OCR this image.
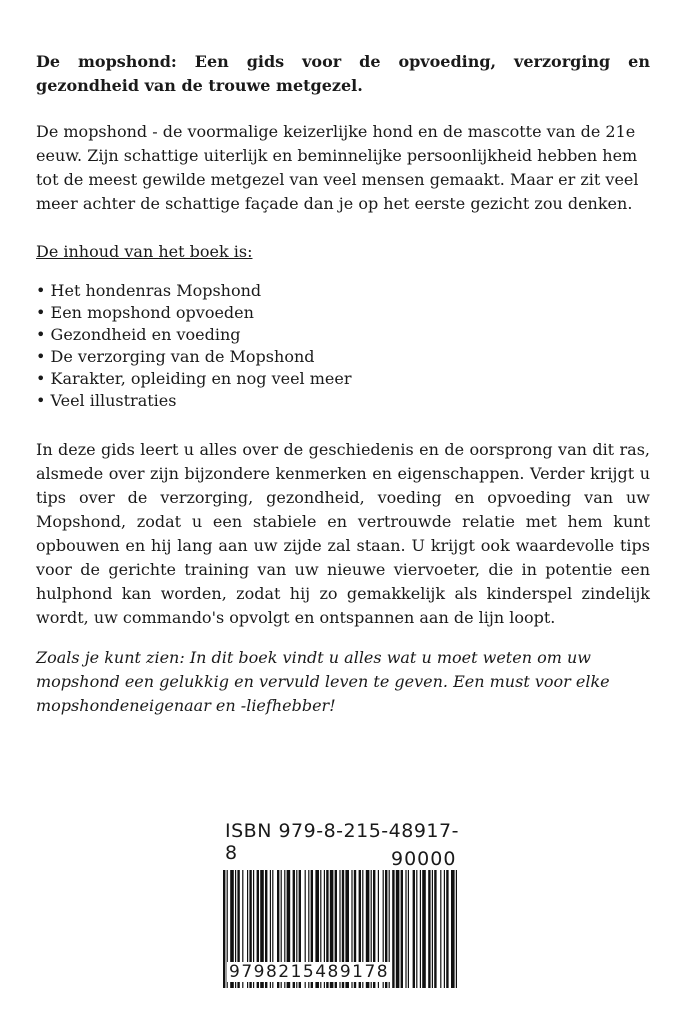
De mopshond: Een gids voor de opvoeding, verzorging en gezondheid van de trouwe metgezel.

De mopshond - de voormalige keizerlijke hond en de mascotte van de 21e eeuw. Zijn schattige uiterlijk en beminnelijke persoonlijkheid hebben hem tot de meest gewilde metgezel van veel mensen gemaakt. Maar er zit veel meer achter de schattige façade dan je op het eerste gezicht zou denken.

De inhoud van het boek is:

• Het hondenras Mopshond
• Een mopshond opvoeden
• Gezondheid en voeding
• De verzorging van de Mopshond
• Karakter, opleiding en nog veel meer
• Veel illustraties

In deze gids leert u alles over de geschiedenis en de oorsprong van dit ras, alsmede over zijn bijzondere kenmerken en eigenschappen. Verder krijgt u tips over de verzorging, gezondheid, voeding en opvoeding van uw Mopshond, zodat u een stabiele en vertrouwde relatie met hem kunt opbouwen en hij lang aan uw zijde zal staan. U krijgt ook waardevolle tips voor de gerichte training van uw nieuwe viervoeter, die in potentie een hulphond kan worden, zodat hij zo gemakkelijk als kinderspel zindelijk wordt, uw commando's opvolgt en ontspannen aan de lijn loopt.

Zoals je kunt zien: In dit boek vindt u alles wat u moet weten om uw mopshond een gelukkig en vervuld leven te geven. Een must voor elke mopshondeneigenaar en -liefhebber!

ISBN 979-8-215-48917-8	90000
9798215489178
